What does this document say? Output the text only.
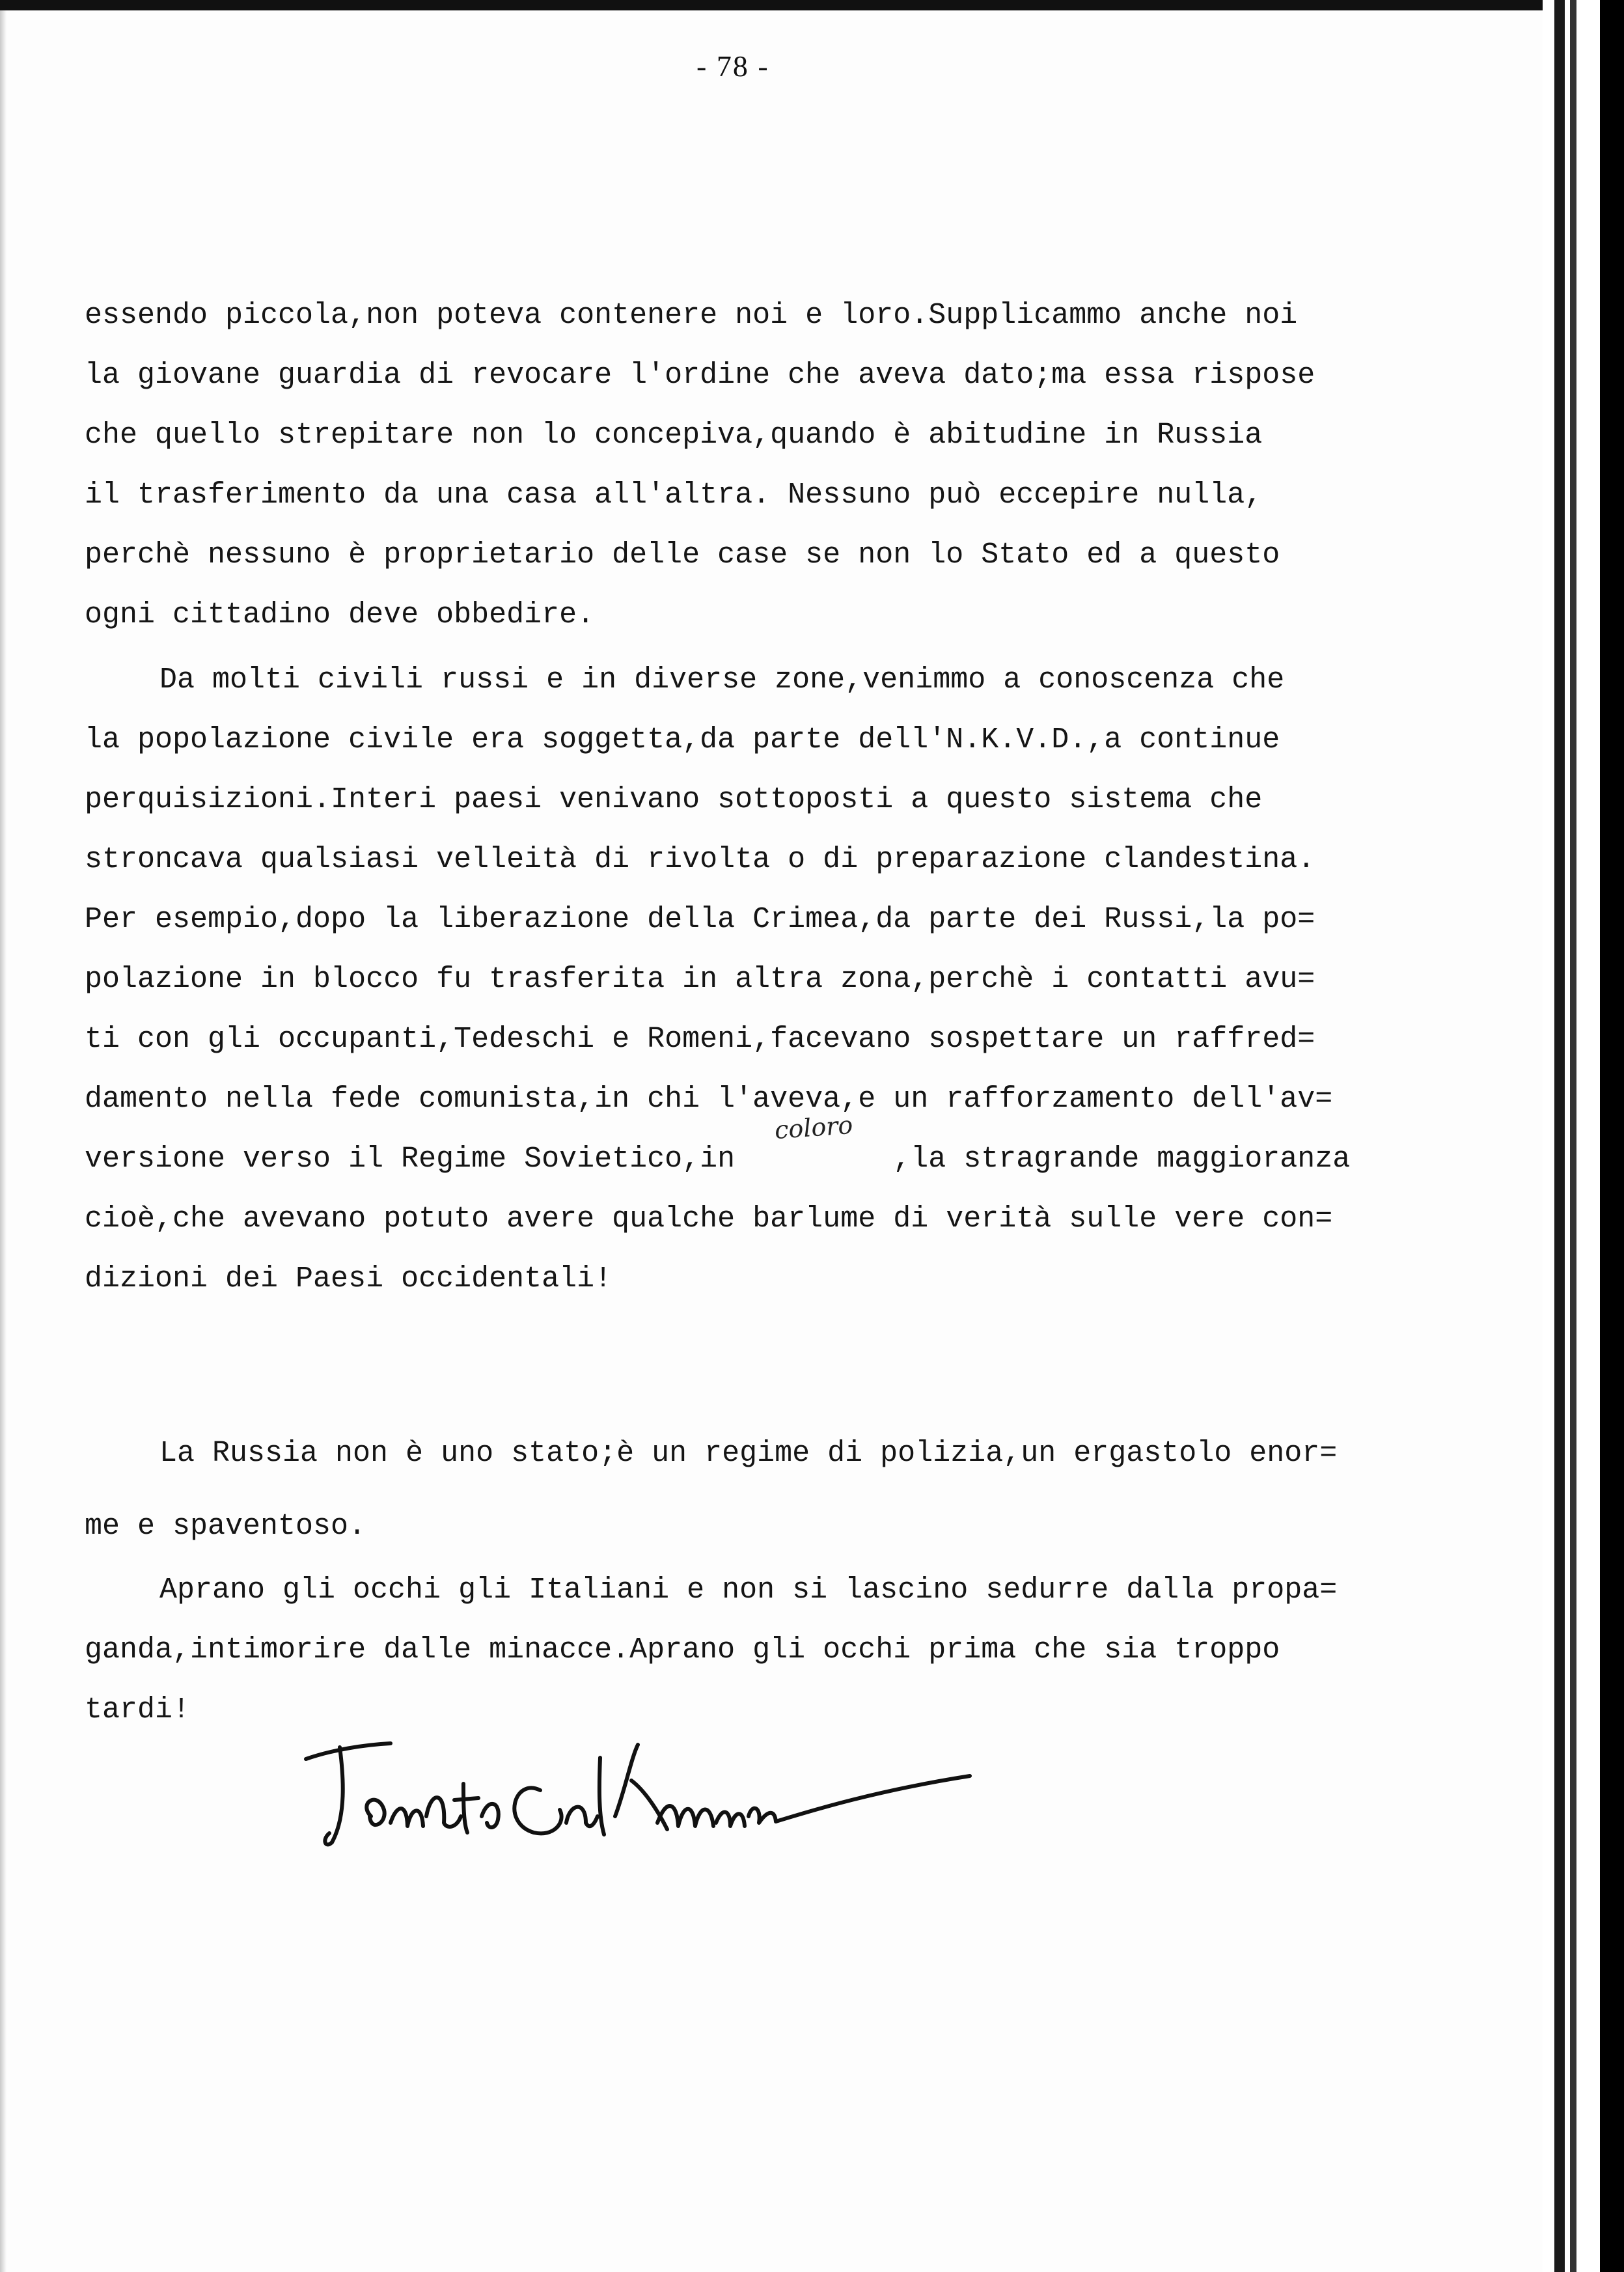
- 78 -
essendo piccola,non poteva contenere noi e loro.Supplicammo anche noi
la giovane guardia di revocare l'ordine che aveva dato;ma essa rispose
che quello strepitare non lo concepiva,quando è abitudine in Russia
il trasferimento da una casa all'altra. Nessuno può eccepire nulla,
perchè nessuno è proprietario delle case se non lo Stato ed a questo
ogni cittadino deve obbedire.
Da molti civili russi e in diverse zone,venimmo a conoscenza che
la popolazione civile era soggetta,da parte dell'N.K.V.D.,a continue
perquisizioni.Interi paesi venivano sottoposti a questo sistema che
stroncava qualsiasi velleità di rivolta o di preparazione clandestina.
Per esempio,dopo la liberazione della Crimea,da parte dei Russi,la po=
polazione in blocco fu trasferita in altra zona,perchè i contatti avu=
ti con gli occupanti,Tedeschi e Romeni,facevano sospettare un raffred=
damento nella fede comunista,in chi l'aveva,e un rafforzamento dell'av=
versione verso il Regime Sovietico,in         ,la stragrande maggioranza
cioè,che avevano potuto avere qualche barlume di verità sulle vere con=
dizioni dei Paesi occidentali!
La Russia non è uno stato;è un regime di polizia,un ergastolo enor=
me e spaventoso.
Aprano gli occhi gli Italiani e non si lascino sedurre dalla propa=
ganda,intimorire dalle minacce.Aprano gli occhi prima che sia troppo
tardi!
coloro
